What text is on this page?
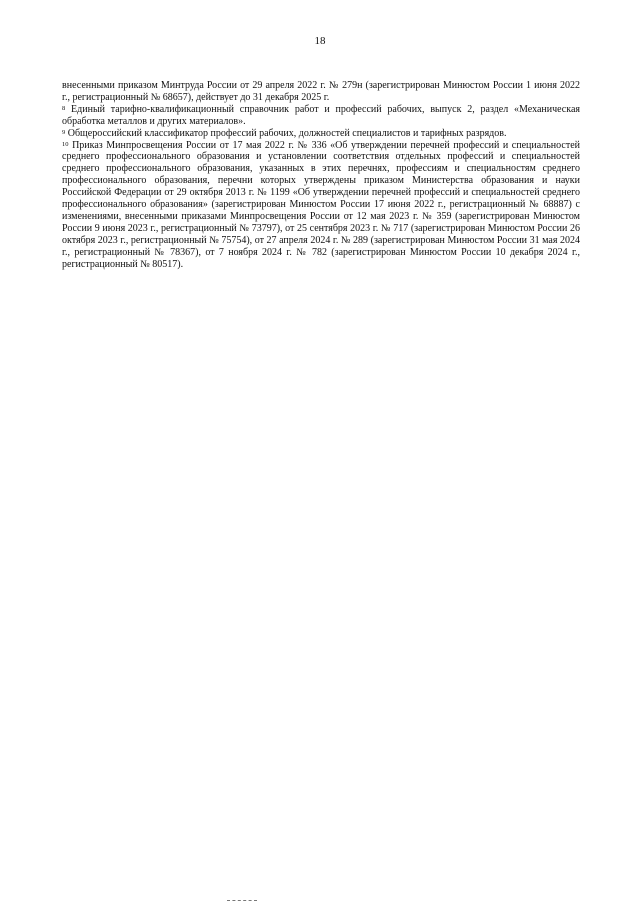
18

внесенными приказом Минтруда России от 29 апреля 2022 г. № 279н (зарегистрирован Минюстом России 1 июня 2022 г., регистрационный № 68657), действует до 31 декабря 2025 г.

$^8$ Единый тарифно-квалификационный справочник работ и профессий рабочих, выпуск 2, раздел «Механическая обработка металлов и других материалов».

$^9$ Общероссийский классификатор профессий рабочих, должностей специалистов и тарифных разрядов.

$^{10}$ Приказ Минпросвещения России от 17 мая 2022 г. № 336 «Об утверждении перечней профессий и специальностей среднего профессионального образования и установлении соответствия отдельных профессий и специальностей среднего профессионального образования, указанных в этих перечнях, профессиям и специальностям среднего профессионального образования, перечни которых утверждены приказом Министерства образования и науки Российской Федерации от 29 октября 2013 г. № 1199 «Об утверждении перечней профессий и специальностей среднего профессионального образования» (зарегистрирован Минюстом России 17 июня 2022 г., регистрационный № 68887) с изменениями, внесенными приказами Минпросвещения России от 12 мая 2023 г. № 359 (зарегистрирован Минюстом России 9 июня 2023 г., регистрационный № 73797), от 25 сентября 2023 г. № 717 (зарегистрирован Минюстом России 26 октября 2023 г., регистрационный № 75754), от 27 апреля 2024 г. № 289 (зарегистрирован Минюстом России 31 мая 2024 г., регистрационный № 78367), от 7 ноября 2024 г. № 782 (зарегистрирован Минюстом России 10 декабря 2024 г., регистрационный № 80517).
